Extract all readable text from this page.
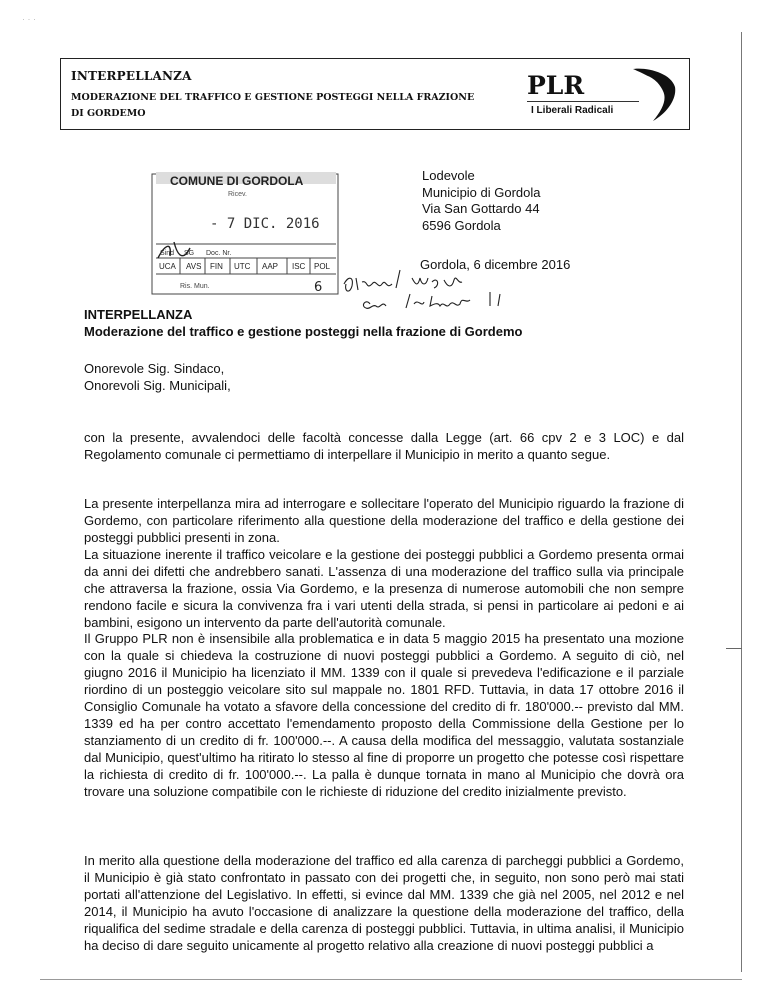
· · ·
INTERPELLANZA
MODERAZIONE DEL TRAFFICO E GESTIONE POSTEGGI NELLA FRAZIONE
DI GORDEMO
PLR
I Liberali Radicali
COMUNE DI GORDOLA
Ricev.
- 7 DIC. 2016
Sind SG Doc. Nr.
UCA AVS FIN UTC AAP ISC POL
Ris. Mun.	6
Lodevole
Municipio di Gordola
Via San Gottardo 44
6596 Gordola
Gordola, 6 dicembre 2016
INTERPELLANZA
Moderazione del traffico e gestione posteggi nella frazione di Gordemo
Onorevole Sig. Sindaco,
Onorevoli Sig. Municipali,
con la presente, avvalendoci delle facoltà concesse dalla Legge (art. 66 cpv 2 e 3 LOC) e dal Regolamento comunale ci permettiamo di interpellare il Municipio in merito a quanto segue.
La presente interpellanza mira ad interrogare e sollecitare l'operato del Municipio riguardo la frazione di Gordemo, con particolare riferimento alla questione della moderazione del traffico e della gestione dei posteggi pubblici presenti in zona.
La situazione inerente il traffico veicolare e la gestione dei posteggi pubblici a Gordemo presenta ormai da anni dei difetti che andrebbero sanati. L'assenza di una moderazione del traffico sulla via principale che attraversa la frazione, ossia Via Gordemo, e la presenza di numerose automobili che non sempre rendono facile e sicura la convivenza fra i vari utenti della strada, si pensi in particolare ai pedoni e ai bambini, esigono un intervento da parte dell'autorità comunale.
Il Gruppo PLR non è insensibile alla problematica e in data 5 maggio 2015 ha presentato una mozione con la quale si chiedeva la costruzione di nuovi posteggi pubblici a Gordemo. A seguito di ciò, nel giugno 2016 il Municipio ha licenziato il MM. 1339 con il quale si prevedeva l'edificazione e il parziale riordino di un posteggio veicolare sito sul mappale no. 1801 RFD. Tuttavia, in data 17 ottobre 2016 il Consiglio Comunale ha votato a sfavore della concessione del credito di fr. 180'000.-- previsto dal MM. 1339 ed ha per contro accettato l'emendamento proposto della Commissione della Gestione per lo stanziamento di un credito di fr. 100'000.--. A causa della modifica del messaggio, valutata sostanziale dal Municipio, quest'ultimo ha ritirato lo stesso al fine di proporre un progetto che potesse così rispettare la richiesta di credito di fr. 100'000.--. La palla è dunque tornata in mano al Municipio che dovrà ora trovare una soluzione compatibile con le richieste di riduzione del credito inizialmente previsto.
In merito alla questione della moderazione del traffico ed alla carenza di parcheggi pubblici a Gordemo, il Municipio è già stato confrontato in passato con dei progetti che, in seguito, non sono però mai stati portati all'attenzione del Legislativo. In effetti, si evince dal MM. 1339 che già nel 2005, nel 2012 e nel 2014, il Municipio ha avuto l'occasione di analizzare la questione della moderazione del traffico, della riqualifica del sedime stradale e della carenza di posteggi pubblici. Tuttavia, in ultima analisi, il Municipio ha deciso di dare seguito unicamente al progetto relativo alla creazione di nuovi posteggi pubblici a
